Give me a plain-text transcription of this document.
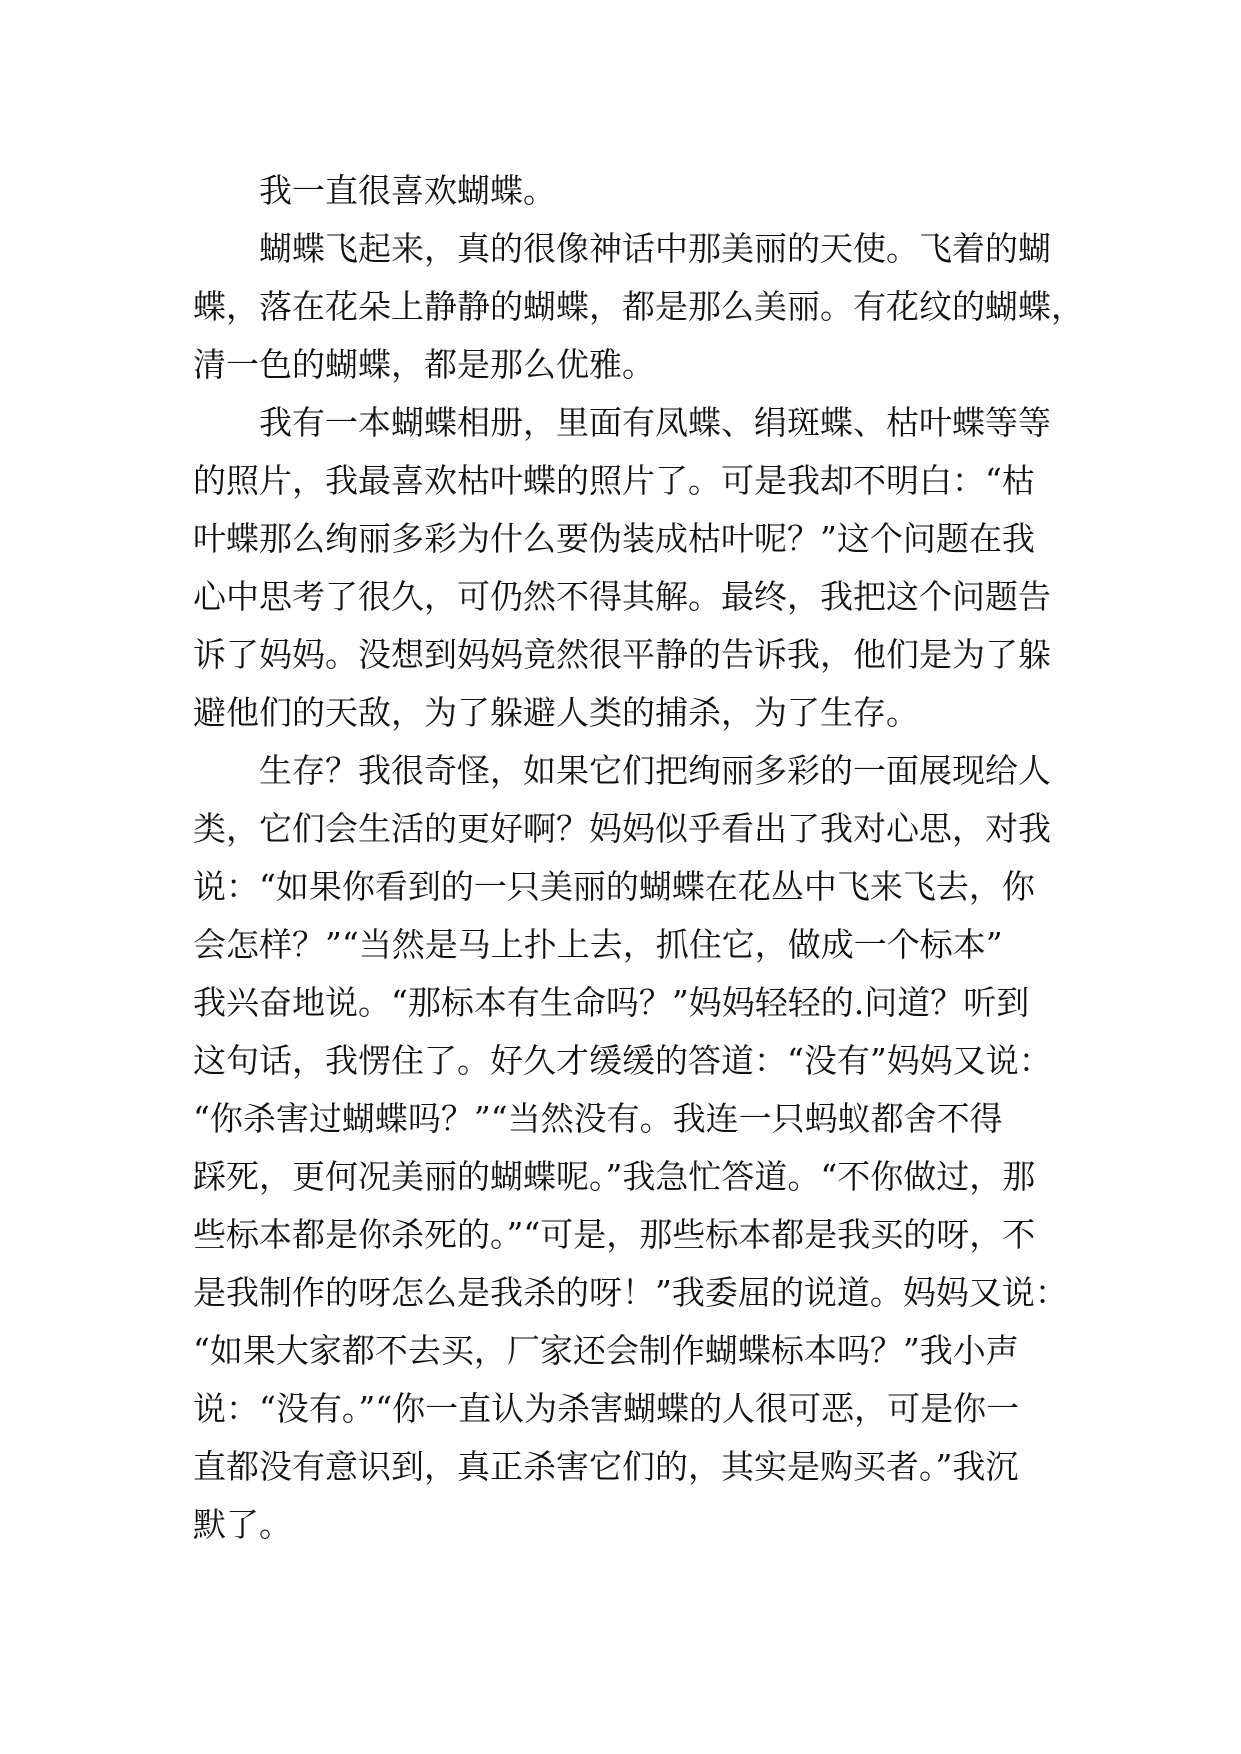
我一直很喜欢蝴蝶。
蝴蝶飞起来，真的很像神话中那美丽的天使。飞着的蝴
蝶，落在花朵上静静的蝴蝶，都是那么美丽。有花纹的蝴蝶，
清一色的蝴蝶，都是那么优雅。
我有一本蝴蝶相册，里面有凤蝶、绢斑蝶、枯叶蝶等等
的照片，我最喜欢枯叶蝶的照片了。可是我却不明白：“枯
叶蝶那么绚丽多彩为什么要伪装成枯叶呢？”这个问题在我
心中思考了很久，可仍然不得其解。最终，我把这个问题告
诉了妈妈。没想到妈妈竟然很平静的告诉我，他们是为了躲
避他们的天敌，为了躲避人类的捕杀，为了生存。
生存？我很奇怪，如果它们把绚丽多彩的一面展现给人
类，它们会生活的更好啊？妈妈似乎看出了我对心思，对我
说：“如果你看到的一只美丽的蝴蝶在花丛中飞来飞去，你
会怎样？”“当然是马上扑上去，抓住它，做成一个标本”
我兴奋地说。“那标本有生命吗？”妈妈轻轻的.问道？听到
这句话，我愣住了。好久才缓缓的答道：“没有”妈妈又说：
“你杀害过蝴蝶吗？”“当然没有。我连一只蚂蚁都舍不得
踩死，更何况美丽的蝴蝶呢。”我急忙答道。“不你做过，那
些标本都是你杀死的。”“可是，那些标本都是我买的呀，不
是我制作的呀怎么是我杀的呀！”我委屈的说道。妈妈又说：
“如果大家都不去买，厂家还会制作蝴蝶标本吗？”我小声
说：“没有。”“你一直认为杀害蝴蝶的人很可恶，可是你一
直都没有意识到，真正杀害它们的，其实是购买者。”我沉
默了。
